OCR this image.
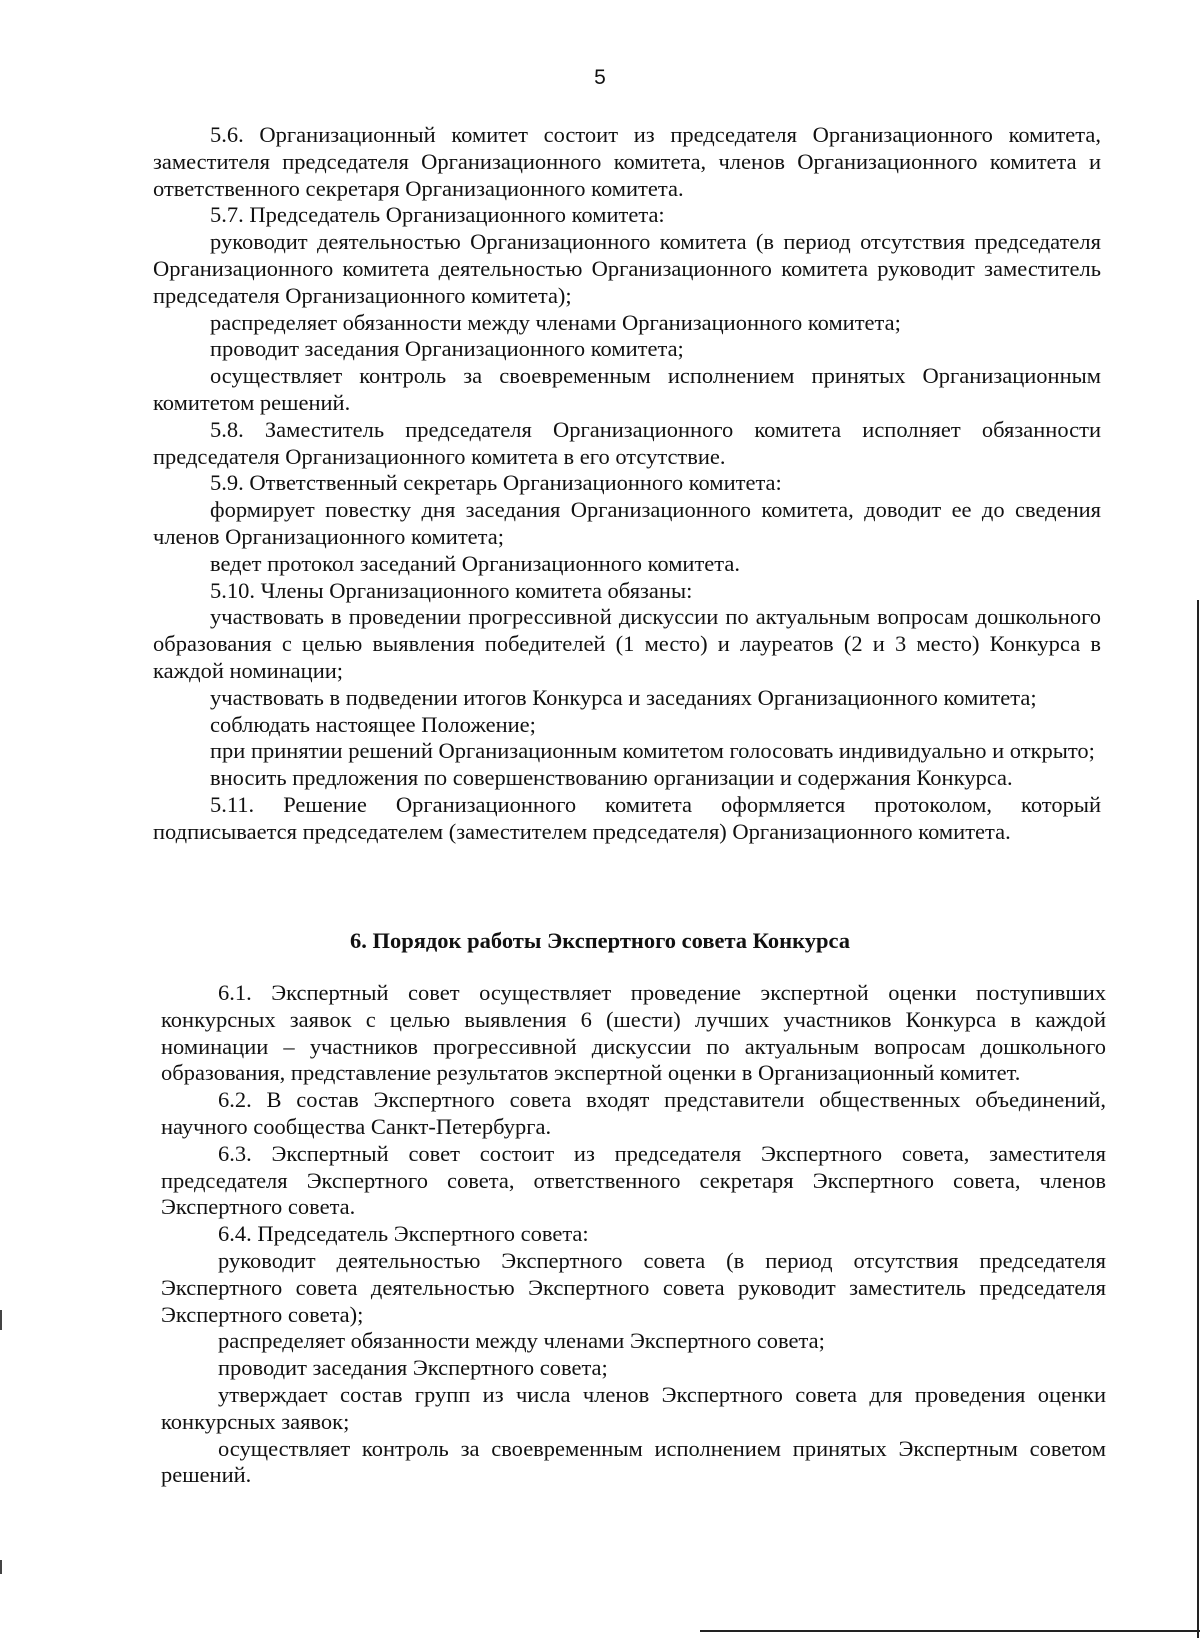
5

5.6. Организационный комитет состоит из председателя Организационного комитета, заместителя председателя Организационного комитета, членов Организационного комитета и ответственного секретаря Организационного комитета.

5.7. Председатель Организационного комитета:

руководит деятельностью Организационного комитета (в период отсутствия председателя Организационного комитета деятельностью Организационного комитета руководит заместитель председателя Организационного комитета);

распределяет обязанности между членами Организационного комитета;

проводит заседания Организационного комитета;

осуществляет контроль за своевременным исполнением принятых Организационным комитетом решений.

5.8. Заместитель председателя Организационного комитета исполняет обязанности председателя Организационного комитета в его отсутствие.

5.9. Ответственный секретарь Организационного комитета:

формирует повестку дня заседания Организационного комитета, доводит ее до сведения членов Организационного комитета;

ведет протокол заседаний Организационного комитета.

5.10. Члены Организационного комитета обязаны:

участвовать в проведении прогрессивной дискуссии по актуальным вопросам дошкольного образования с целью выявления победителей (1 место) и лауреатов (2 и 3 место) Конкурса в каждой номинации;

участвовать в подведении итогов Конкурса и заседаниях Организационного комитета;

соблюдать настоящее Положение;

при принятии решений Организационным комитетом голосовать индивидуально и открыто;

вносить предложения по совершенствованию организации и содержания Конкурса.

5.11. Решение Организационного комитета оформляется протоколом, который подписывается председателем (заместителем председателя) Организационного комитета.

6. Порядок работы Экспертного совета Конкурса

6.1. Экспертный совет осуществляет проведение экспертной оценки поступивших конкурсных заявок с целью выявления 6 (шести) лучших участников Конкурса в каждой номинации – участников прогрессивной дискуссии по актуальным вопросам дошкольного образования, представление результатов экспертной оценки в Организационный комитет.

6.2. В состав Экспертного совета входят представители общественных объединений, научного сообщества Санкт-Петербурга.

6.3. Экспертный совет состоит из председателя Экспертного совета, заместителя председателя Экспертного совета, ответственного секретаря Экспертного совета, членов Экспертного совета.

6.4. Председатель Экспертного совета:

руководит деятельностью Экспертного совета (в период отсутствия председателя Экспертного совета деятельностью Экспертного совета руководит заместитель председателя Экспертного совета);

распределяет обязанности между членами Экспертного совета;

проводит заседания Экспертного совета;

утверждает состав групп из числа членов Экспертного совета для проведения оценки конкурсных заявок;

осуществляет контроль за своевременным исполнением принятых Экспертным советом решений.
